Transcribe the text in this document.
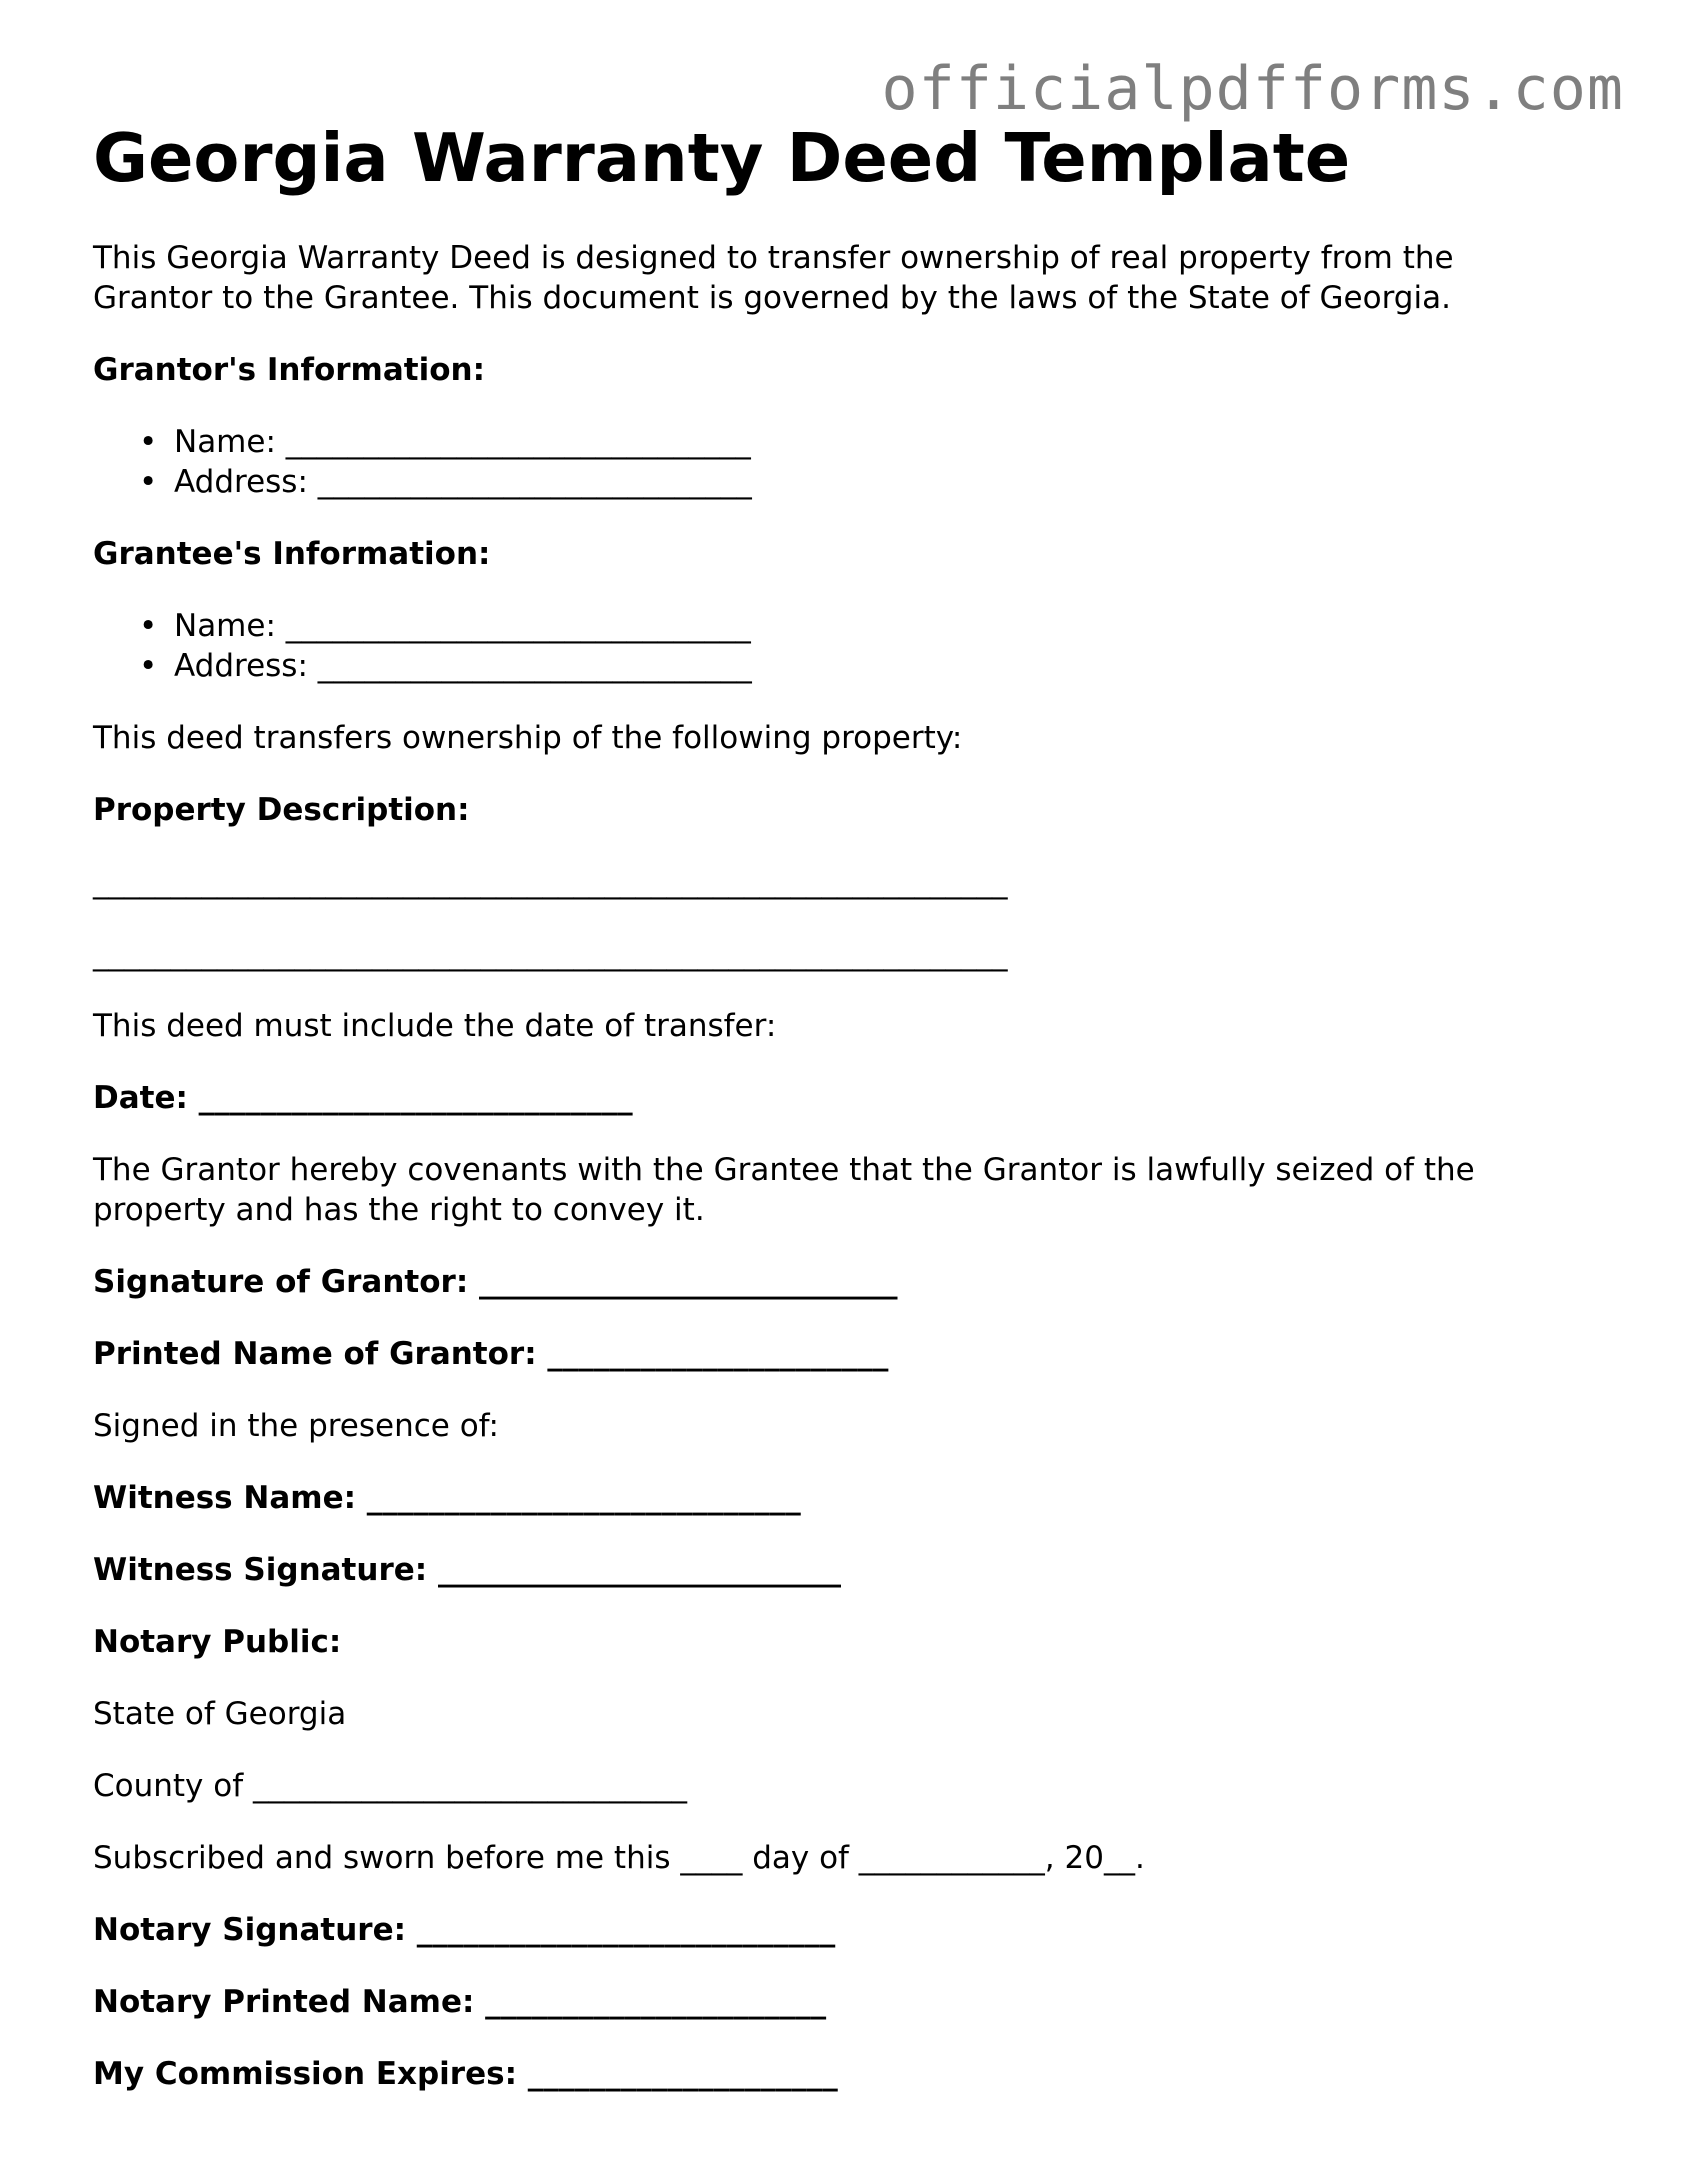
officialpdfforms.com
Georgia Warranty Deed Template

This Georgia Warranty Deed is designed to transfer ownership of real property from the

Grantor to the Grantee. This document is governed by the laws of the State of Georgia.

Grantor's Information:

• Name: ______________________________
• Address: ____________________________

Grantee's Information:

• Name: ______________________________
• Address: ____________________________

This deed transfers ownership of the following property:

Property Description:

___________________________________________________________

___________________________________________________________

This deed must include the date of transfer:

Date: ____________________________

The Grantor hereby covenants with the Grantee that the Grantor is lawfully seized of the

property and has the right to convey it.

Signature of Grantor: ___________________________

Printed Name of Grantor: ______________________

Signed in the presence of:

Witness Name: ____________________________

Witness Signature: __________________________

Notary Public:

State of Georgia

County of ____________________________

Subscribed and sworn before me this ____ day of ____________, 20__.

Notary Signature: ___________________________

Notary Printed Name: ______________________

My Commission Expires: ____________________
